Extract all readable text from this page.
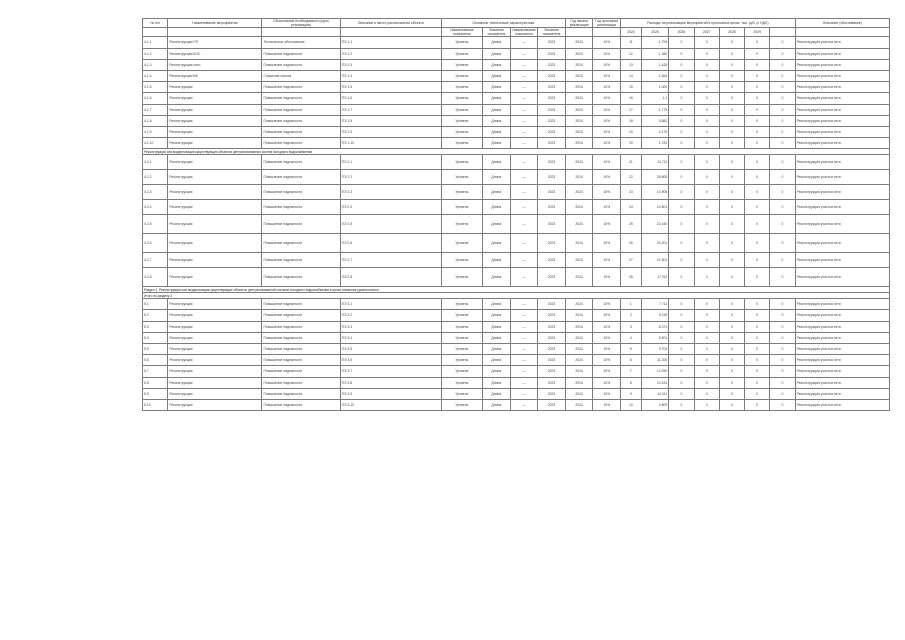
№ п/п	Наименование мероприятия	Обоснование необходимости (цель реализации)	Описание и место расположения объекта	Основные технические характеристики				Год начала реализации	Год окончания реализации	Расходы на реализацию мероприятий в прогнозных ценах, тыс. руб. (с НДС)							Описание (обоснование)
				Наименование показателя	Значение показателя	Наименование показателя	Значение показателя			2024	2025	2026	2027	2028	2029		
4.1.1	Реконструкция ПП	Техническое обоснование	ПЭ 1.1	Уровень	Длина	—	2023	2024	10%	11	1.754	0	0	0	0	0	Реконструкция участка сети
4.1.2	Реконструкция КНС	Повышение надежности	ПЭ 1.2	Уровень	Длина	—	2023	2024	10%	12	1.360	0	0	0	0	0	Реконструкция участка сети
4.1.3	Реконструкция сети	Повышение надежности	ПЭ 1.3	Уровень	Длина	—	2023	2024	10%	13	1.425	0	0	0	0	0	Реконструкция участка сети
4.1.4	Реконструкция ВК	Снижение износа	ПЭ 1.4	Уровень	Длина	—	2023	2024	10%	14	1.654	0	0	0	0	0	Реконструкция участка сети
4.1.5	Реконструкция	Повышение надежности	ПЭ 1.5	Уровень	Длина	—	2023	2024	10%	15	1.000	0	0	0	0	0	Реконструкция участка сети
4.1.6	Реконструкция	Повышение надежности	ПЭ 1.6	Уровень	Длина	—	2023	2024	10%	16	1.1	0	0	0	0	0	Реконструкция участка сети
4.1.7	Реконструкция	Повышение надежности	ПЭ 1.7	Уровень	Длина	—	2023	2024	10%	17	1.775	0	0	0	0	0	Реконструкция участка сети
4.1.8	Реконструкция	Повышение надежности	ПЭ 1.8	Уровень	Длина	—	2023	2024	10%	18	9.881	0	0	0	0	0	Реконструкция участка сети
4.1.9	Реконструкция	Повышение надежности	ПЭ 1.9	Уровень	Длина	—	2023	2024	10%	19	4.175	0	0	0	0	0	Реконструкция участка сети
4.1.10	Реконструкция	Повышение надежности	ПЭ 1.10	Уровень	Длина	—	2023	2024	10%	20	1.781	0	0	0	0	0	Реконструкция участка сети
Реконструкция или модернизация существующих объектов централизованных систем холодного водоснабжения																	
4.2.1	Реконструкция	Повышение надежности	ПЭ 2.1	Уровень	Длина	—	2023	2024	10%	21	13.711	0	0	0	0	0	Реконструкция участка сети
4.2.2	Реконструкция	Повышение надежности	ПЭ 2.2	Уровень	Длина	—	2023	2024	10%	22	28.800	0	0	0	0	0	Реконструкция участка сети
4.2.3	Реконструкция	Повышение надежности	ПЭ 2.3	Уровень	Длина	—	2023	2024	10%	23	13.905	0	0	0	0	0	Реконструкция участка сети
4.2.4	Реконструкция	Повышение надежности	ПЭ 2.4	Уровень	Длина	—	2023	2024	10%	24	10.801	0	0	0	0	0	Реконструкция участка сети
4.2.5	Реконструкция	Повышение надежности	ПЭ 2.5	Уровень	Длина	—	2023	2024	10%	25	22.440	0	0	0	0	0	Реконструкция участка сети
4.2.6	Реконструкция	Повышение надежности	ПЭ 2.6	Уровень	Длина	—	2023	2024	10%	26	24.201	0	0	0	0	0	Реконструкция участка сети
4.2.7	Реконструкция	Повышение надежности	ПЭ 2.7	Уровень	Длина	—	2023	2024	10%	27	21.501	0	0	0	0	0	Реконструкция участка сети
4.2.8	Реконструкция	Повышение надежности	ПЭ 2.8	Уровень	Длина	—	2023	2024	10%	28	17.011	0	0	0	0	0	Реконструкция участка сети
Раздел 2. Реконструкция или модернизация существующих объектов централизованной системы холодного водоснабжения в целях снижения уровня износа																	
Итого по разделу 2																	
5.1	Реконструкция	Повышение надежности	ПЭ 3.1	Уровень	Длина	—	2023	2024	10%	1	7.711	0	0	0	0	0	Реконструкция участка сети
5.2	Реконструкция	Повышение надежности	ПЭ 3.2	Уровень	Длина	—	2023	2024	10%	2	9.215	0	0	0	0	0	Реконструкция участка сети
5.3	Реконструкция	Повышение надежности	ПЭ 3.3	Уровень	Длина	—	2023	2024	10%	3	8.071	0	0	0	0	0	Реконструкция участка сети
5.4	Реконструкция	Повышение надежности	ПЭ 3.4	Уровень	Длина	—	2023	2024	10%	4	5.901	0	0	0	0	0	Реконструкция участка сети
5.5	Реконструкция	Повышение надежности	ПЭ 3.5	Уровень	Длина	—	2023	2024	10%	5	3.704	0	0	0	0	0	Реконструкция участка сети
5.6	Реконструкция	Повышение надежности	ПЭ 3.6	Уровень	Длина	—	2023	2024	10%	6	11.200	0	0	0	0	0	Реконструкция участка сети
5.7	Реконструкция	Повышение надежности	ПЭ 3.7	Уровень	Длина	—	2023	2024	10%	7	12.090	0	0	0	0	0	Реконструкция участка сети
5.8	Реконструкция	Повышение надежности	ПЭ 3.8	Уровень	Длина	—	2023	2024	10%	8	10.431	0	0	0	0	0	Реконструкция участка сети
5.9	Реконструкция	Повышение надежности	ПЭ 3.9	Уровень	Длина	—	2023	2024	10%	9	14.011	0	0	0	0	0	Реконструкция участка сети
5.10	Реконструкция	Повышение надежности	ПЭ 3.10	Уровень	Длина	—	2023	2024	10%	10	4.809	0	0	0	0	0	Реконструкция участка сети
